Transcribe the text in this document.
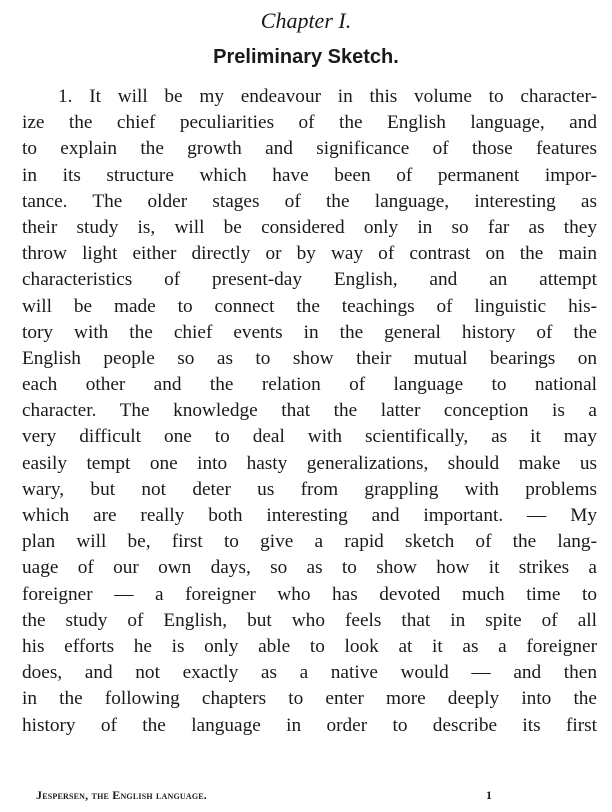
Chapter I.
Preliminary Sketch.
1. It will be my endeavour in this volume to character-
ize the chief peculiarities of the English language, and
to explain the growth and significance of those features
in its structure which have been of permanent impor-
tance. The older stages of the language, interesting as
their study is, will be considered only in so far as they
throw light either directly or by way of contrast on the main
characteristics of present-day English, and an attempt
will be made to connect the teachings of linguistic his-
tory with the chief events in the general history of the
English people so as to show their mutual bearings on
each other and the relation of language to national
character. The knowledge that the latter conception is a
very difficult one to deal with scientifically, as it may
easily tempt one into hasty generalizations, should make us
wary, but not deter us from grappling with problems
which are really both interesting and important. — My
plan will be, first to give a rapid sketch of the lang-
uage of our own days, so as to show how it strikes a
foreigner — a foreigner who has devoted much time to
the study of English, but who feels that in spite of all
his efforts he is only able to look at it as a foreigner
does, and not exactly as a native would — and then
in the following chapters to enter more deeply into the
history of the language in order to describe its first
Jespersen, the English language.	1
